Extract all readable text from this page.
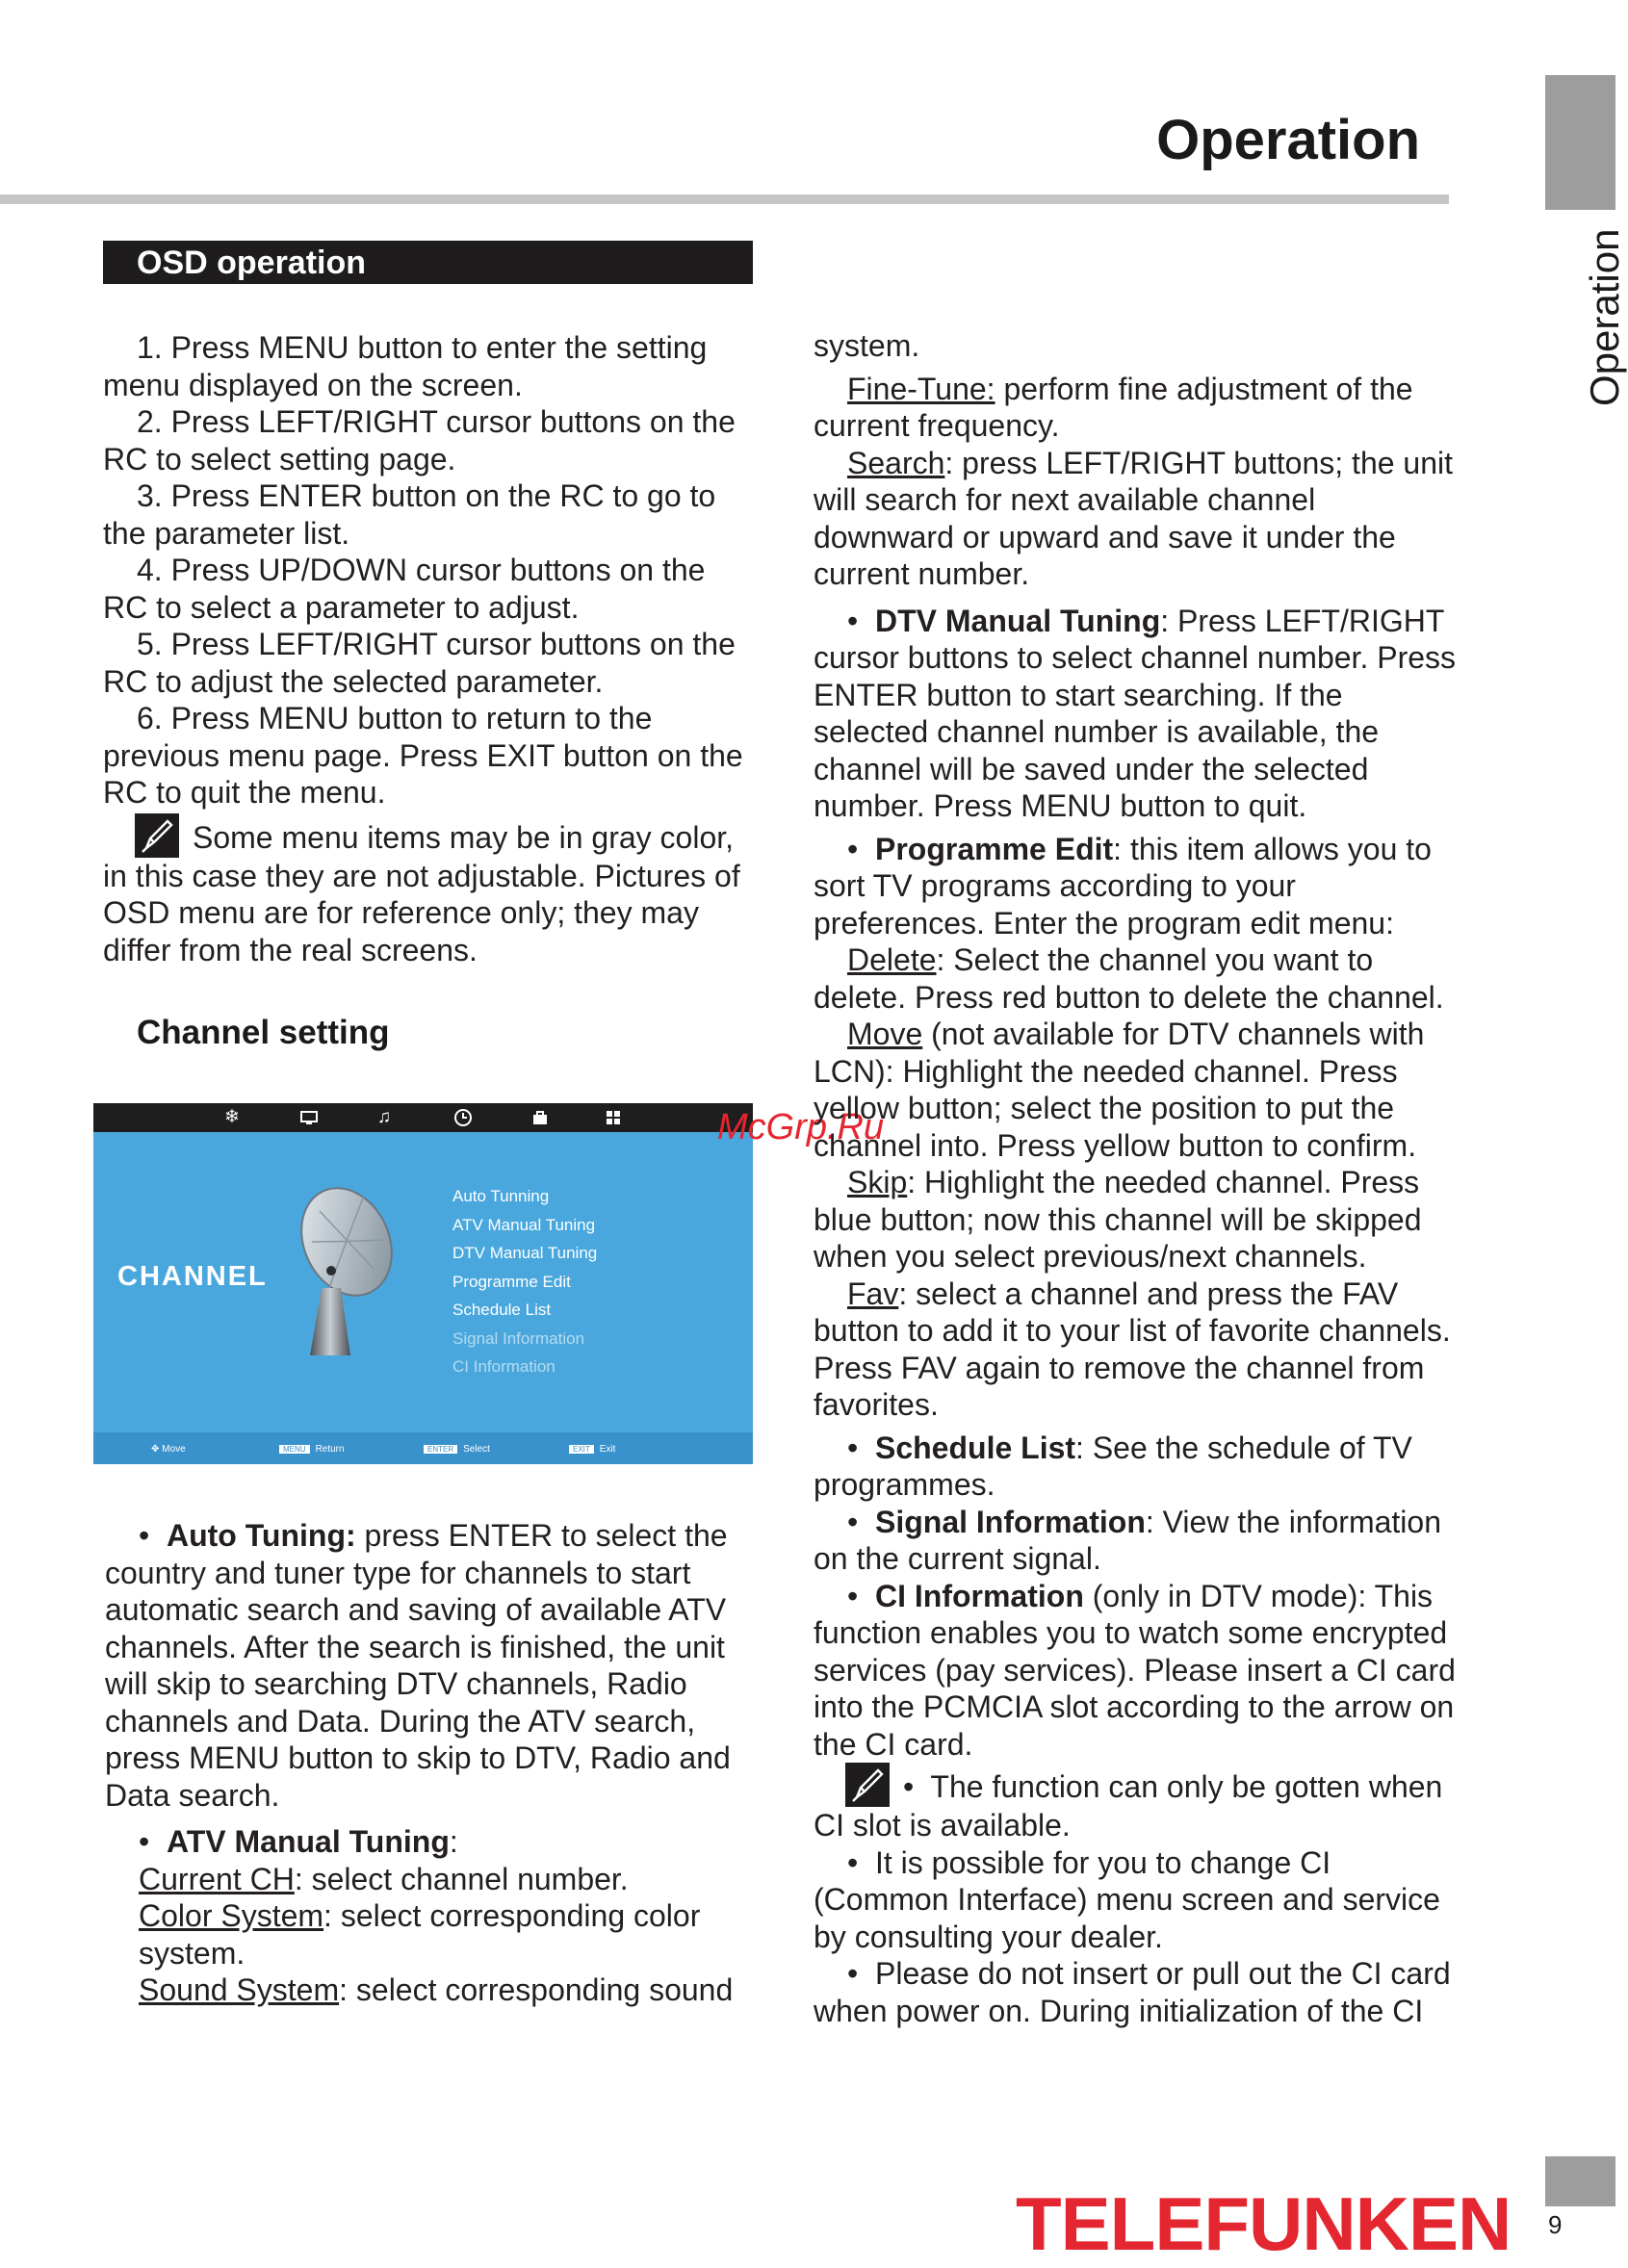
Operation
Operation
OSD operation

1. Press MENU button to enter the setting menu displayed on the screen.

2. Press LEFT/RIGHT cursor buttons on the RC to select setting page.

3. Press ENTER button on the RC to go to the parameter list.

4. Press UP/DOWN cursor buttons on the RC to select a parameter to adjust.

5. Press LEFT/RIGHT cursor buttons on the RC to adjust the selected parameter.

6. Press MENU button to return to the previous menu page. Press EXIT button on the RC to quit the menu.

Some menu items may be in gray color, in this case they are not adjustable. Pictures of OSD menu are for reference only; they may differ from the real screens.

Channel setting
❄	♫
CHANNEL
Auto Tunning
ATV Manual Tuning
DTV Manual Tuning
Programme Edit
Schedule List
Signal Information
CI Information
✥ Move	MENU Return	ENTER Select	EXIT Exit
McGrp.Ru

• Auto Tuning: press ENTER to select the country and tuner type for channels to start automatic search and saving of available ATV channels. After the search is finished, the unit will skip to searching DTV channels, Radio channels and Data. During the ATV search, press MENU button to skip to DTV, Radio and Data search.

• ATV Manual Tuning:

Current CH: select channel number.

Color System: select corresponding color system.

Sound System: select corresponding sound

system.

Fine-Tune: perform fine adjustment of the current frequency.

Search: press LEFT/RIGHT buttons; the unit will search for next available channel downward or upward and save it under the current number.

• DTV Manual Tuning: Press LEFT/RIGHT cursor buttons to select channel number. Press ENTER button to start searching. If the selected channel number is available, the channel will be saved under the selected number. Press MENU button to quit.

• Programme Edit: this item allows you to sort TV programs according to your preferences. Enter the program edit menu:

Delete: Select the channel you want to delete. Press red button to delete the channel.

Move (not available for DTV channels with LCN): Highlight the needed channel. Press yellow button; select the position to put the channel into. Press yellow button to confirm.

Skip: Highlight the needed channel. Press blue button; now this channel will be skipped when you select previous/next channels.

Fav: select a channel and press the FAV button to add it to your list of favorite channels. Press FAV again to remove the channel from favorites.

• Schedule List: See the schedule of TV programmes.

• Signal Information: View the information on the current signal.

• CI Information (only in DTV mode): This function enables you to watch some encrypted services (pay services). Please insert a CI card into the PCMCIA slot according to the arrow on the CI card.

• The function can only be gotten when CI slot is available.

• It is possible for you to change CI (Common Interface) menu screen and service by consulting your dealer.

• Please do not insert or pull out the CI card when power on. During initialization of the CI

TELEFUNKEN 9
